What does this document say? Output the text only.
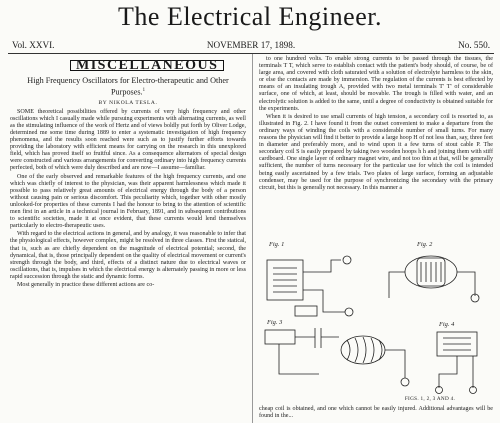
The Electrical Engineer.
Vol. XXVI.	NOVEMBER 17, 1898.	No. 550.
MISCELLANEOUS
High Frequency Oscillators for Electro-therapeutic and Other Purposes.$^1$
BY NIKOLA TESLA.

SOME theoretical possibilities offered by currents of very high frequency and other oscillations which I casually made while pursuing experiments with alternating currents, as well as the stimulating influence of the work of Hertz and of views boldly put forth by Oliver Lodge, determined me some time during 1889 to enter a systematic investigation of high frequency phenomena, and the results soon reached were such as to justify further efforts towards providing the laboratory with efficient means for carrying on the research in this unexplored field, which has proved itself so fruitful since. As a consequence alternators of special design were constructed and various arrangements for converting ordinary into high frequency currents perfected, both of which were duly described and are now—I assume—familiar.

One of the early observed and remarkable features of the high frequency currents, and one which was chiefly of interest to the physician, was their apparent harmlessness which made it possible to pass relatively great amounts of electrical energy through the body of a person without causing pain or serious discomfort. This peculiarity which, together with other mostly unlooked-for properties of these currents I had the honour to bring to the attention of scientific men first in an article in a technical journal in February, 1891, and in subsequent contributions to scientific societies, made it at once evident, that these currents would lend themselves particularly to electro-therapeutic uses.

With regard to the electrical actions in general, and by analogy, it was reasonable to infer that the physiological effects, however complex, might be resolved in three classes. First the statical, that is, such as are chiefly dependent on the magnitude of electrical potential; second, the dynamical, that is, those principally dependent on the quality of electrical movement or current's strength through the body, and third, effects of a distinct nature due to electrical waves or oscillations, that is, impulses in which the electrical energy is alternately passing in more or less rapid succession through the static and dynamic forms.

Most generally in practice these different actions are co-

to one hundred volts. To enable strong currents to be passed through the tissues, the terminals T T, which serve to establish contact with the patient's body should, of course, be of large area, and covered with cloth saturated with a solution of electrolyte harmless to the skin, or else the contacts are made by immersion. The regulation of the currents is best effected by means of an insulating trough A, provided with two metal terminals T' T' of considerable surface, one of which, at least, should be movable. The trough is filled with water, and an electrolytic solution is added to the same, until a degree of conductivity is obtained suitable for the experiments.

When it is desired to use small currents of high tension, a secondary coil is resorted to, as illustrated in Fig. 2. I have found it from the outset convenient to make a departure from the ordinary ways of winding the coils with a considerable number of small turns. For many reasons the physician will find it better to provide a large hoop H of not less than, say, three feet in diameter and preferably more, and to wind upon it a few turns of stout cable P. The secondary coil S is easily prepared by taking two wooden hoops h h and joining them with stiff cardboard. One single layer of ordinary magnet wire, and not too thin at that, will be generally sufficient, the number of turns necessary for the particular use for which the coil is intended being easily ascertained by a few trials. Two plates of large surface, forming an adjustable condenser, may be used for the purpose of synchronizing the secondary with the primary circuit, but this is generally not necessary. In this manner a

Fig. 1	Fig. 2
Fig. 3	Fig. 4
FIGS. 1, 2, 3 AND 4.
cheap coil is obtained, and one which cannot be easily injured. Additional advantages will be found in the...
